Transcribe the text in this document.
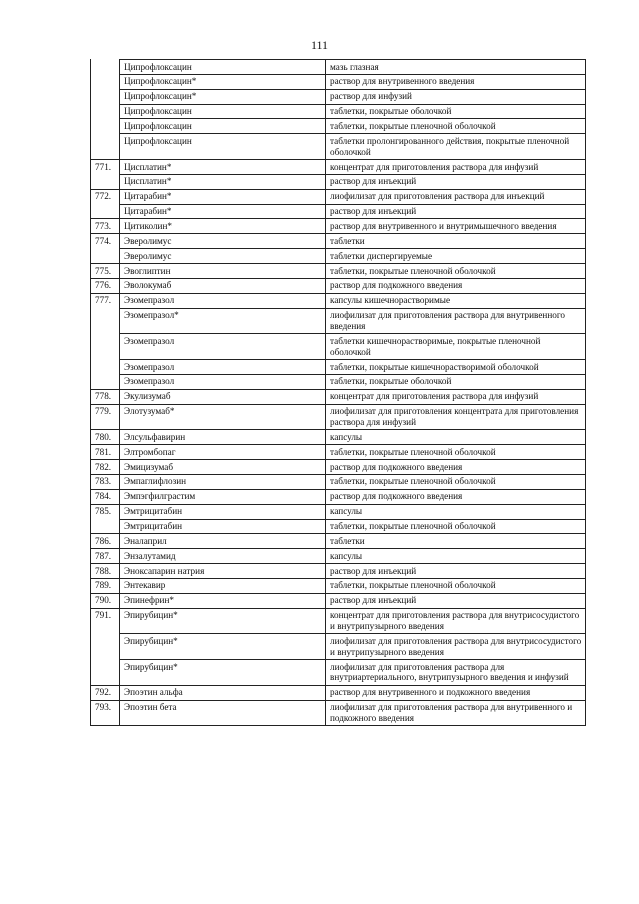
111
	Ципрофлоксацин	мазь глазная
	Ципрофлоксацин*	раствор для внутривенного введения
	Ципрофлоксацин*	раствор для инфузий
	Ципрофлоксацин	таблетки, покрытые оболочкой
	Ципрофлоксацин	таблетки, покрытые пленочной оболочкой
	Ципрофлоксацин	таблетки пролонгированного действия, покрытые пленочной оболочкой
771.	Цисплатин*	концентрат для приготовления раствора для инфузий
	Цисплатин*	раствор для инъекций
772.	Цитарабин*	лиофилизат для приготовления раствора для инъекций
	Цитарабин*	раствор для инъекций
773.	Цитиколин*	раствор для внутривенного и внутримышечного введения
774.	Эверолимус	таблетки
	Эверолимус	таблетки диспергируемые
775.	Эвоглиптин	таблетки, покрытые пленочной оболочкой
776.	Эволокумаб	раствор для подкожного введения
777.	Эзомепразол	капсулы кишечнорастворимые
	Эзомепразол*	лиофилизат для приготовления раствора для внутривенного введения
	Эзомепразол	таблетки кишечнорастворимые, покрытые пленочной оболочкой
	Эзомепразол	таблетки, покрытые кишечнорастворимой оболочкой
	Эзомепразол	таблетки, покрытые оболочкой
778.	Экулизумаб	концентрат для приготовления раствора для инфузий
779.	Элотузумаб*	лиофилизат для приготовления концентрата для приготовления раствора для инфузий
780.	Элсульфавирин	капсулы
781.	Элтромбопаг	таблетки, покрытые пленочной оболочкой
782.	Эмицизумаб	раствор для подкожного введения
783.	Эмпаглифлозин	таблетки, покрытые пленочной оболочкой
784.	Эмпэгфилграстим	раствор для подкожного введения
785.	Эмтрицитабин	капсулы
	Эмтрицитабин	таблетки, покрытые пленочной оболочкой
786.	Эналаприл	таблетки
787.	Энзалутамид	капсулы
788.	Эноксапарин натрия	раствор для инъекций
789.	Энтекавир	таблетки, покрытые пленочной оболочкой
790.	Эпинефрин*	раствор для инъекций
791.	Эпирубицин*	концентрат для приготовления раствора для внутрисосудистого и внутрипузырного введения
	Эпирубицин*	лиофилизат для приготовления раствора для внутрисосудистого и внутрипузырного введения
	Эпирубицин*	лиофилизат для приготовления раствора для внутриартериального, внутрипузырного введения и инфузий
792.	Эпоэтин альфа	раствор для внутривенного и подкожного введения
793.	Эпоэтин бета	лиофилизат для приготовления раствора для внутривенного и подкожного введения
